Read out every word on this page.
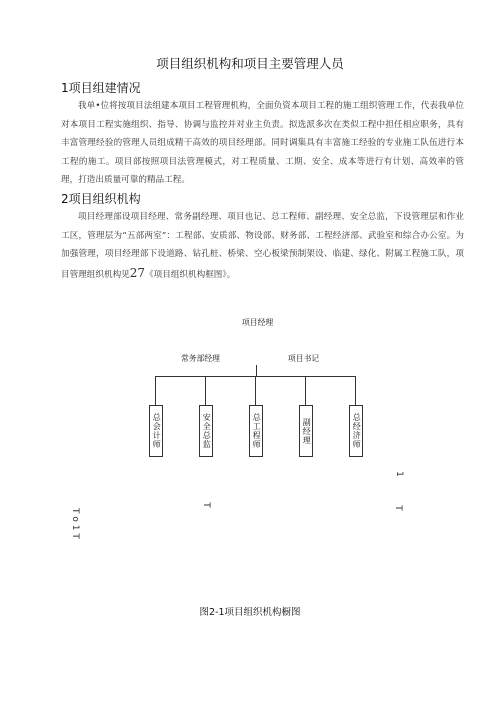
项目组织机构和项目主要管理人员
1项目组建情况

我单•位将按项目法组建本项目工程管理机构，全面负资本项目工程的施工组织管理工作，代表我单位对本项目工程实施组织、指导、协调与监控并对业主负责。拟选派多次在类似工程中担任相应职务，具有丰富管理经验的管理人员组成精干高效的项目经理部。同时调集具有丰富施工经验的专业施工队伍进行本工程的施工。项目部按照项目法管理模式，对工程质量、工期、安全、成本等进行有计划、高效率的管理，打造出质量可靠的精品工程。

2项目组织机构

项目经理部设项目经理、常务副经理、项目也记、总工程师、副经理、安全总监，下设管理层和作业工区，管理层为“五部两室”：工程部、安质部、物设部、财务部、工程经济部、武验室和综合办公室。为加强管理，项目经理部下设道路、钻孔桩、桥梁、空心板梁预制架设、临建、绿化、附属工程施工队，项目管理组织机构见27《项目组织机构框图》。

项目经理
常务部经理	项目书记
总会计师	安全总监	总工程师	副经理	总经济师
1
T o 1 T
T
T
图2-1项目组织机构橱图
